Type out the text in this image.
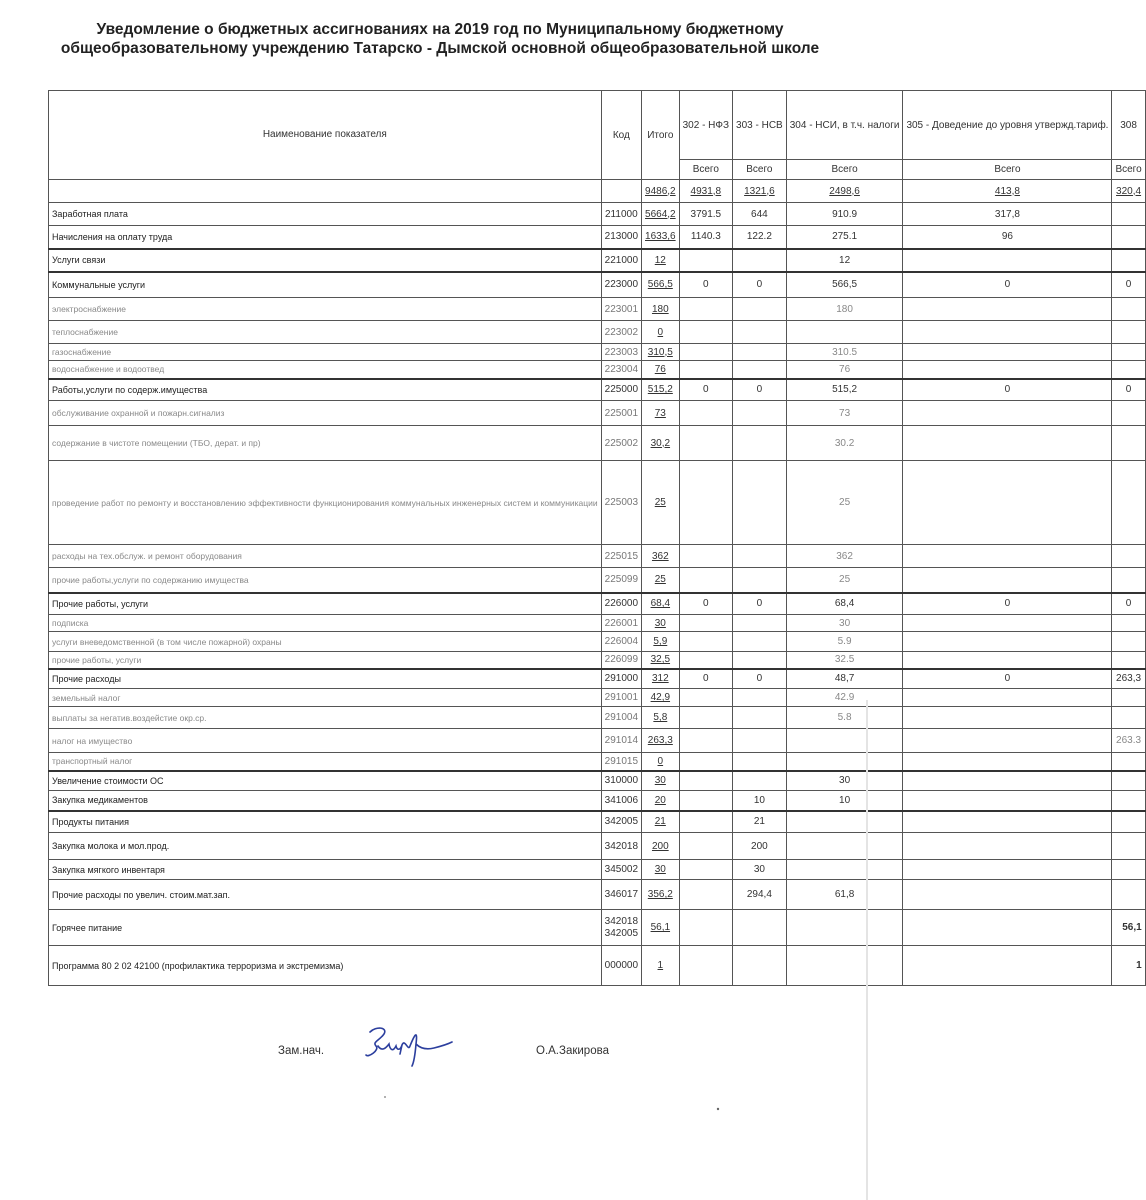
Уведомление о бюджетных ассигнованиях на 2019 год по Муниципальному бюджетному общеобразовательному учреждению Татарско - Дымской основной общеобразовательной школе
Наименование показателя	Код	Итого	302 - НФЗ	303 - НСВ	304 - НСИ, в т.ч. налоги	305 - Доведение до уровня утвержд.тариф.	308
			Всего	Всего	Всего	Всего	Всего
		9486,2	4931,8	1321,6	2498,6	413,8	320,4
Заработная плата	211000	5664,2	3791.5	644	910.9	317,8	
Начисления на оплату труда	213000	1633,6	1140.3	122.2	275.1	96	
Услуги связи	221000	12			12		
Коммунальные услуги	223000	566,5	0	0	566,5	0	0
электроснабжение	223001	180			180		
теплоснабжение	223002	0					
газоснабжение	223003	310,5			310.5		
водоснабжение и водоотвед	223004	76			76		
Работы,услуги по содерж.имущества	225000	515,2	0	0	515,2	0	0
обслуживание охранной и пожарн.сигнализ	225001	73			73		
содержание в чистоте помещении (ТБО, дерат. и пр)	225002	30,2			30.2		
проведение работ по ремонту и восстановлению эффективности функционирования коммунальных инженерных систем и коммуникации	225003	25			25		
расходы на тех.обслуж. и ремонт оборудования	225015	362			362		
прочие работы,услуги по содержанию имущества	225099	25			25		
Прочие работы, услуги	226000	68,4	0	0	68,4	0	0
подписка	226001	30			30		
услуги вневедомственной (в том числе пожарной) охраны	226004	5,9			5.9		
прочие работы, услуги	226099	32,5			32.5		
Прочие расходы	291000	312	0	0	48,7	0	263,3
земельный налог	291001	42,9			42.9		
выплаты за негатив.воздейстие окр.ср.	291004	5,8			5.8		
налог на имущество	291014	263,3					263.3
транспортный налог	291015	0					
Увеличение стоимости ОС	310000	30			30		
Закупка медикаментов	341006	20		10	10		
Продукты питания	342005	21		21			
Закупка молока и мол.прод.	342018	200		200			
Закупка мягкого инвентаря	345002	30		30			
Прочие расходы по увелич. стоим.мат.зап.	346017	356,2		294,4	61,8		
Горячее питание	342018 342005	56,1					56,1
Программа 80 2 02 42100 (профилактика терроризма и экстремизма)	000000	1					1
Зам.нач.	О.А.Закирова
